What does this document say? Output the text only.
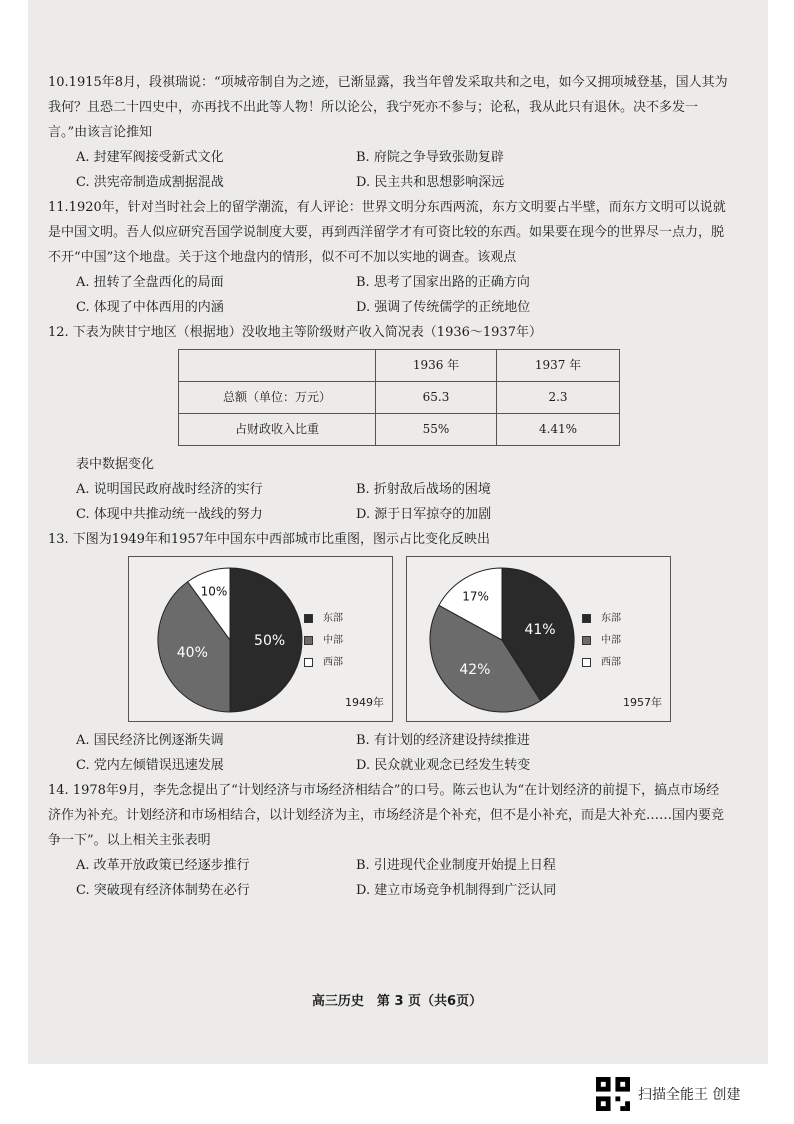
10.1915年8月，段祺瑞说：“项城帝制自为之迹，已渐显露，我当年曾发采取共和之电，如今又拥项城登基，国人其为我何？且恐二十四史中，亦再找不出此等人物！所以论公，我宁死亦不参与；论私，我从此只有退休。决不多发一言。”由该言论推知

A. 封建军阀接受新式文化	B. 府院之争导致张勋复辟
C. 洪宪帝制造成割据混战	D. 民主共和思想影响深远

11.1920年，针对当时社会上的留学潮流，有人评论：世界文明分东西两流，东方文明要占半壁，而东方文明可以说就是中国文明。吾人似应研究吾国学说制度大要，再到西洋留学才有可资比较的东西。如果要在现今的世界尽一点力，脱不开“中国”这个地盘。关于这个地盘内的情形，似不可不加以实地的调查。该观点

A. 扭转了全盘西化的局面	B. 思考了国家出路的正确方向
C. 体现了中体西用的内涵	D. 强调了传统儒学的正统地位

12. 下表为陕甘宁地区（根据地）没收地主等阶级财产收入简况表（1936～1937年）

	1936 年	1937 年
总额（单位：万元）	65.3	2.3
占财政收入比重	55%	4.41%

表中数据变化

A. 说明国民政府战时经济的实行	B. 折射敌后战场的困境
C. 体现中共推动统一战线的努力	D. 源于日军掠夺的加剧

13. 下图为1949年和1957年中国东中西部城市比重图，图示占比变化反映出

50%
40%
10%
东部
中部
西部
1949年
41%
42%
17%
东部
中部
西部
1957年
A. 国民经济比例逐渐失调	B. 有计划的经济建设持续推进
C. 党内左倾错误迅速发展	D. 民众就业观念已经发生转变

14. 1978年9月，李先念提出了“计划经济与市场经济相结合”的口号。陈云也认为“在计划经济的前提下，搞点市场经济作为补充。计划经济和市场相结合，以计划经济为主，市场经济是个补充，但不是小补充，而是大补充……国内要竞争一下”。以上相关主张表明

A. 改革开放政策已经逐步推行	B. 引进现代企业制度开始提上日程
C. 突破现有经济体制势在必行	D. 建立市场竞争机制得到广泛认同
高三历史　第 3 页（共6页）
扫描全能王 创建
